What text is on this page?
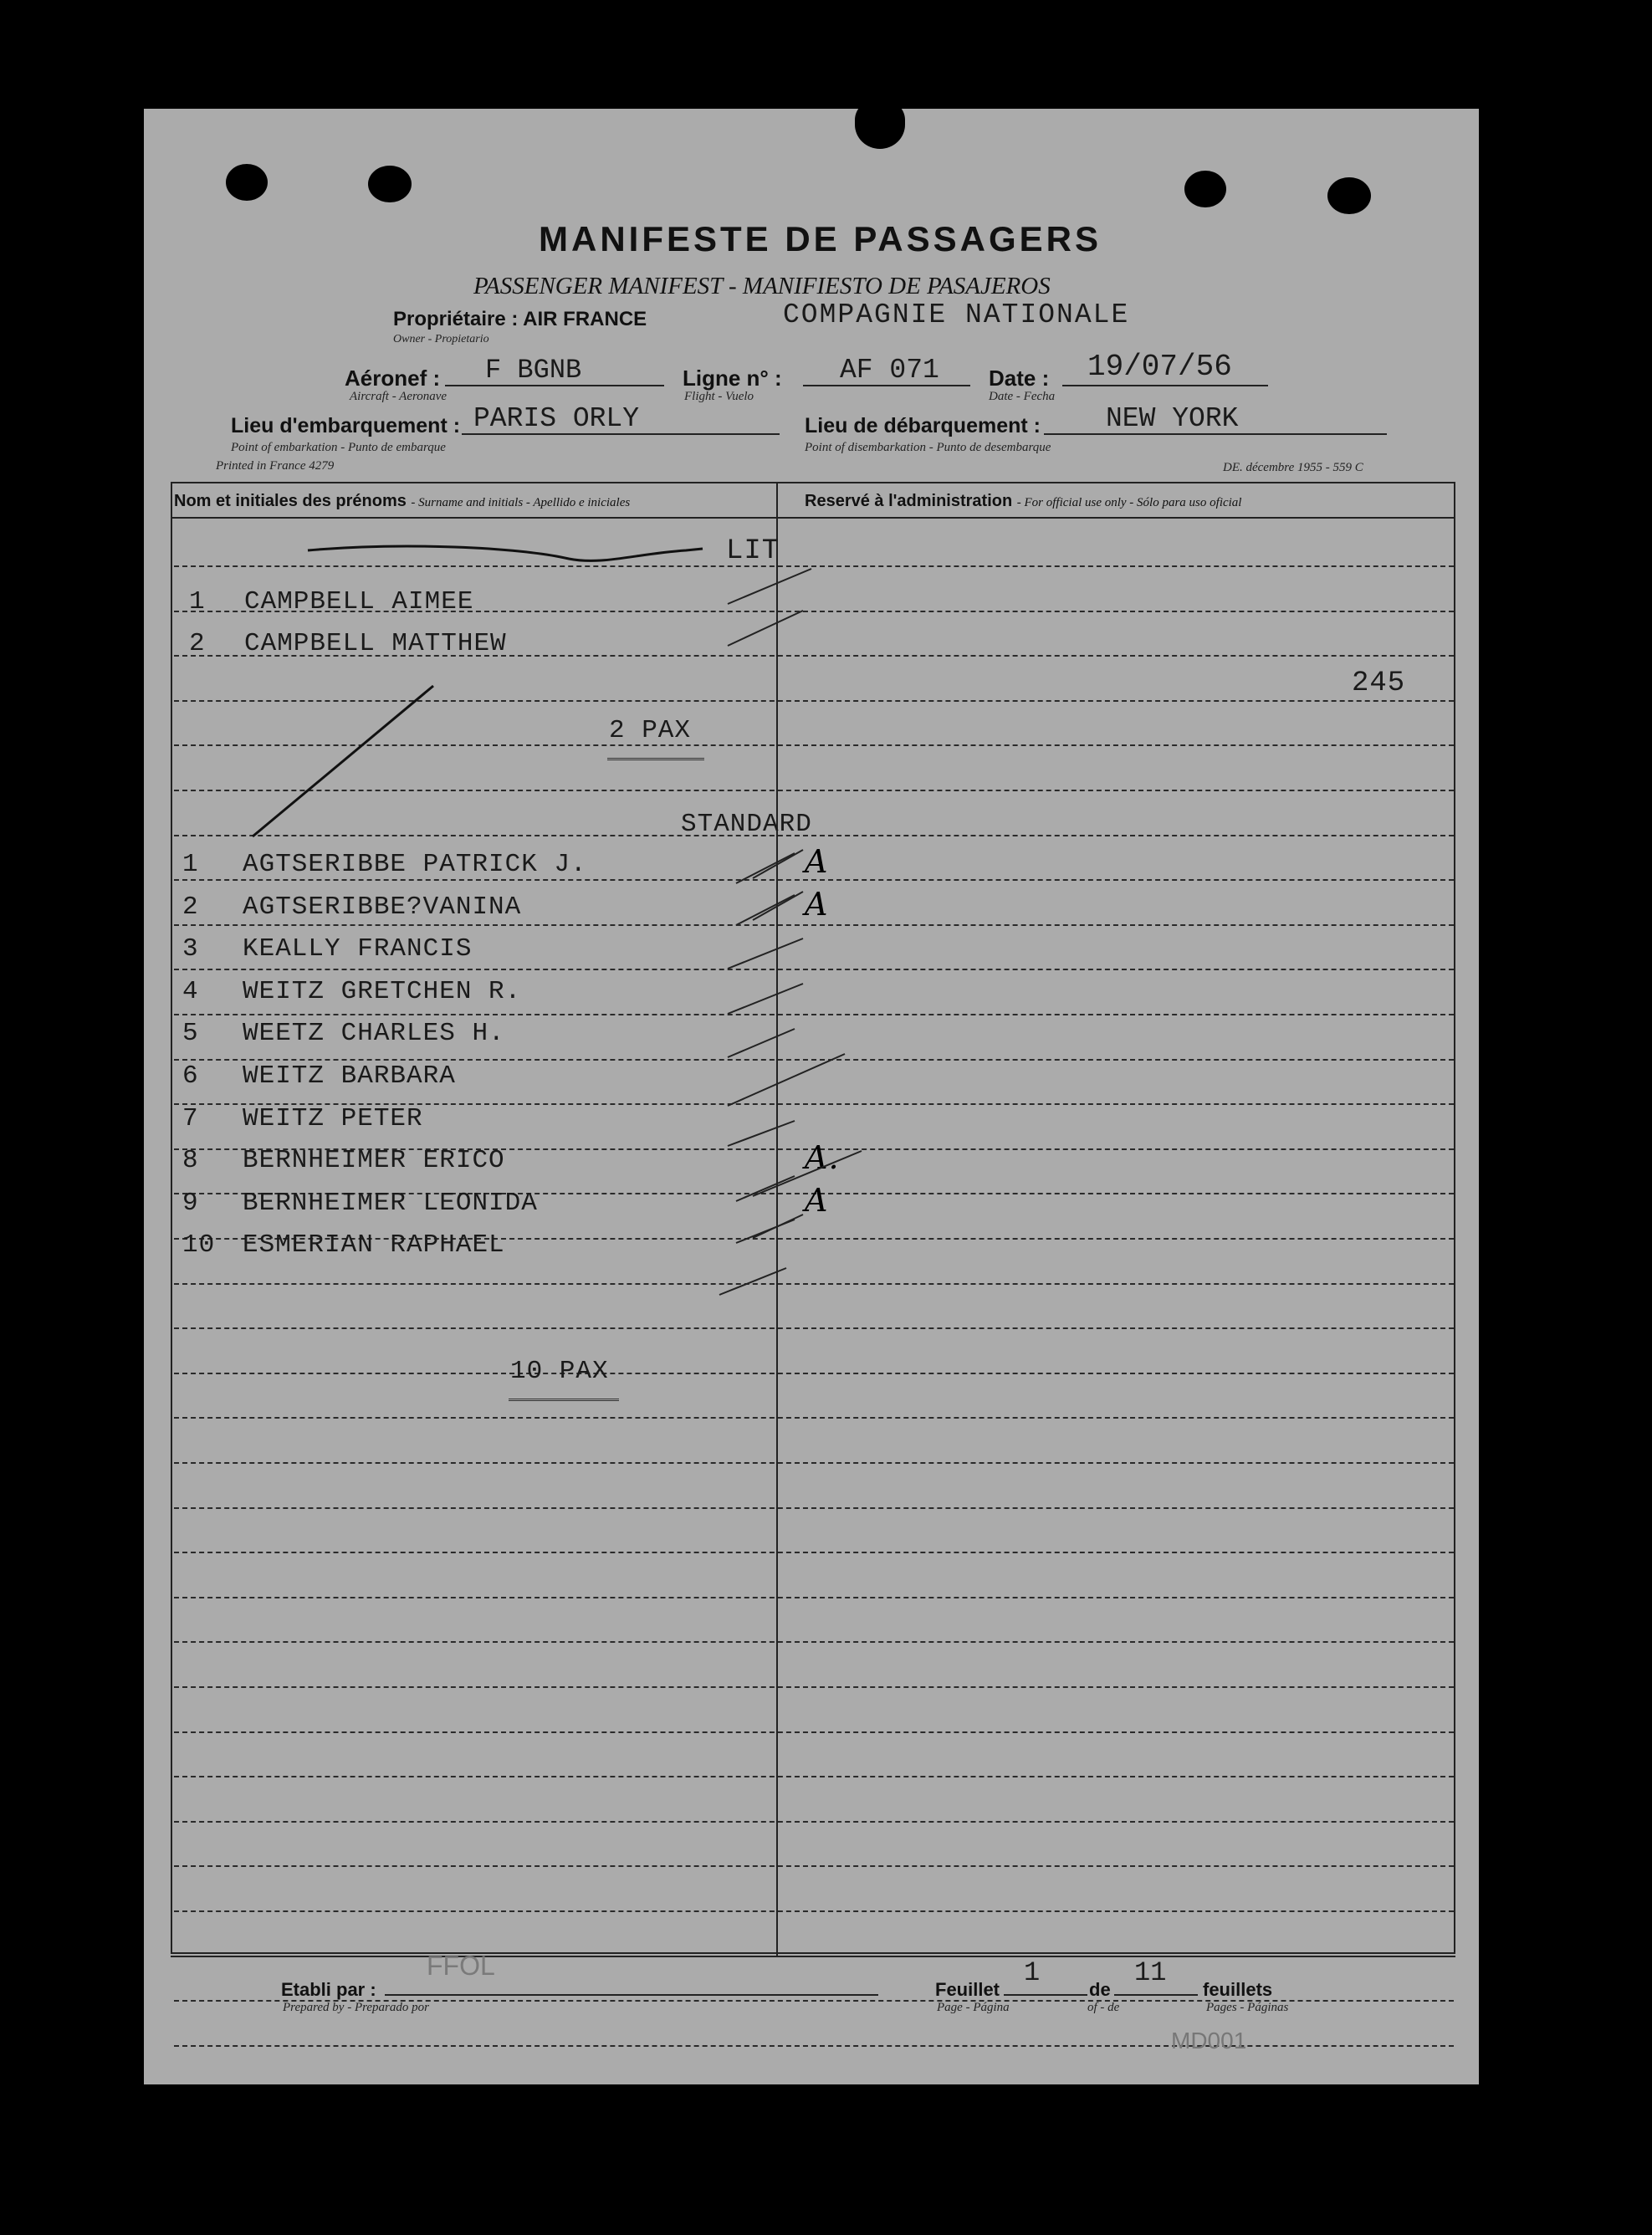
MANIFESTE DE PASSAGERS
PASSENGER MANIFEST - MANIFIESTO DE PASAJEROS
Propriétaire : AIR FRANCE
Owner - Propietario
COMPAGNIE NATIONALE
Aéronef : F BGNB
Aircraft - Aeronave
Ligne n° : AF 071
Flight - Vuelo
Date : 19/07/56
Date - Fecha
Lieu d'embarquement : PARIS ORLY
Point of embarkation - Punto de embarque
Lieu de débarquement : NEW YORK
Point of disembarkation - Punto de desembarque
Printed in France 4279	DE. décembre 1955 - 559 C
Nom et initiales des prénoms - Surname and initials - Apellido e iniciales	Reservé à l'administration - For official use only - Sólo para uso oficial
LIT
1 CAMPBELL AIMEE
2 CAMPBELL MATTHEW
245
2 PAX
STANDARD
1 AGTSERIBBE PATRICK J.	A
2 AGTSERIBBE?VANINA	A
3 KEALLY FRANCIS
4 WEITZ GRETCHEN R.
5 WEETZ CHARLES H.
6 WEITZ BARBARA
7 WEITZ PETER
8 BERNHEIMER ERICO	A.
9 BERNHEIMER LEONIDA	A
10 ESMERIAN RAPHAEL
10 PAX
Etabli par :
Prepared by - Preparado por
FFOL
Feuillet
1
Page - Página
de
11
of - de
feuillets
Pages - Páginas
MD001
